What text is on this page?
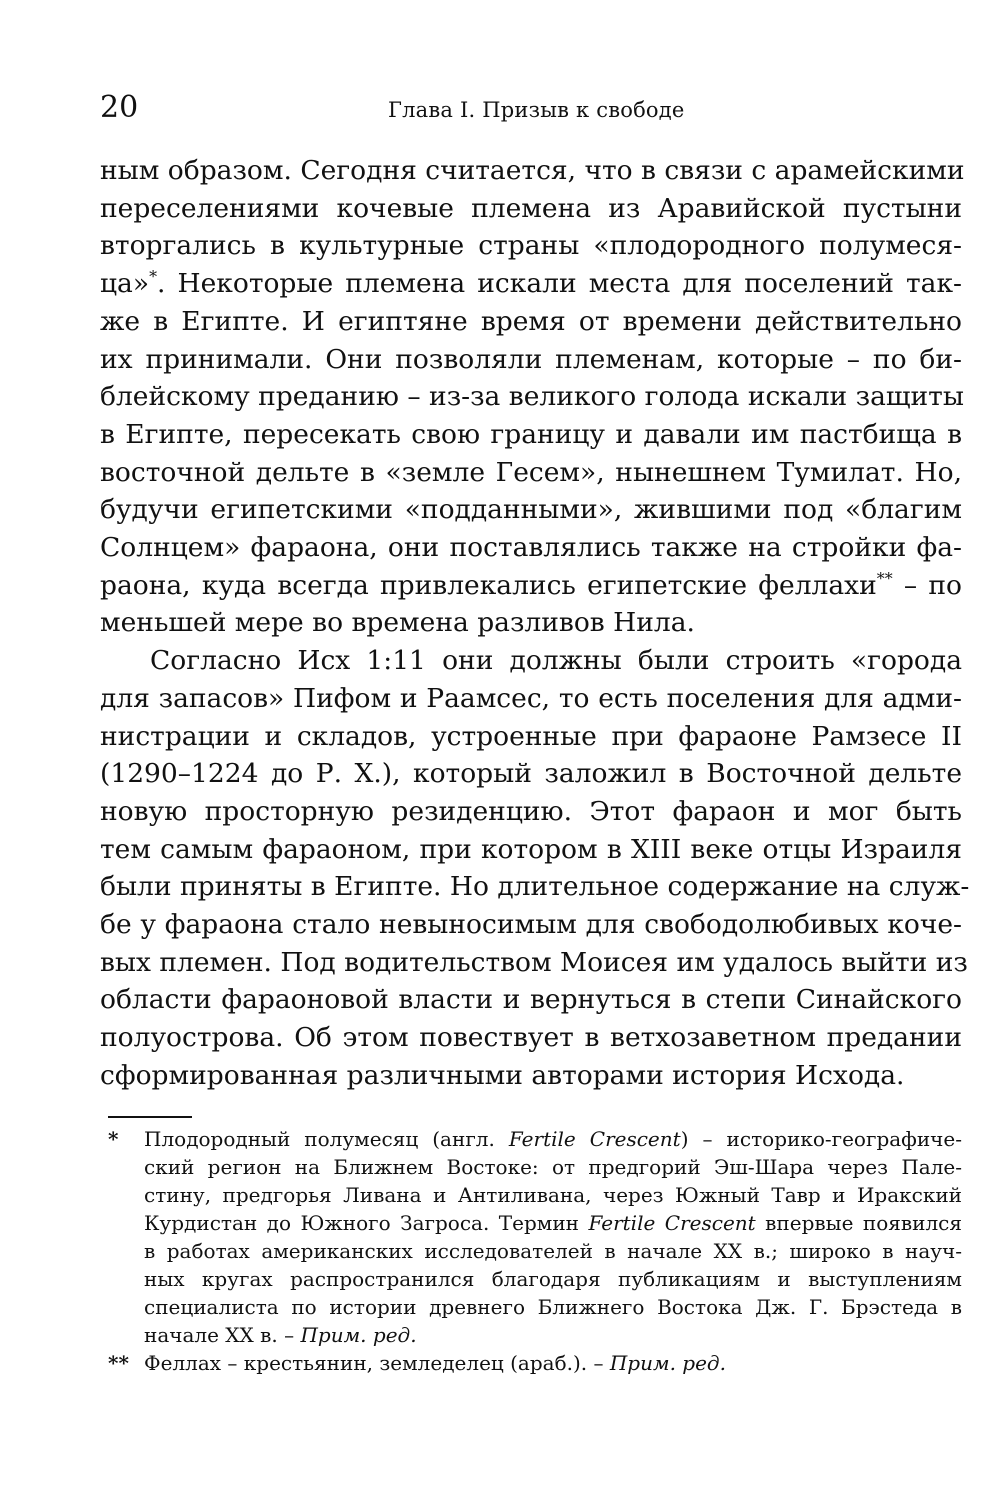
20	Глава I. Призыв к свободе

ным образом. Сегодня считается, что в связи с арамейскими
переселениями кочевые племена из Аравийской пустыни
вторгались в культурные страны «плодородного полумеся-
ца»*. Некоторые племена искали места для поселений так-
же в Египте. И египтяне время от времени действительно
их принимали. Они позволяли племенам, которые – по би-
блейскому преданию – из-за великого голода искали защиты
в Египте, пересекать свою границу и давали им пастбища в
восточной дельте в «земле Гесем», нынешнем Тумилат. Но,
будучи египетскими «подданными», жившими под «благим
Солнцем» фараона, они поставлялись также на стройки фа-
раона, куда всегда привлекались египетские феллахи** – по
меньшей мере во времена разливов Нила.

Согласно Исх 1:11 они должны были строить «города
для запасов» Пифом и Раамсес, то есть поселения для адми-
нистрации и складов, устроенные при фараоне Рамзесе II
(1290–1224 до Р. Х.), который заложил в Восточной дельте
новую просторную резиденцию. Этот фараон и мог быть
тем самым фараоном, при котором в XIII веке отцы Израиля
были приняты в Египте. Но длительное содержание на служ-
бе у фараона стало невыносимым для свободолюбивых коче-
вых племен. Под водительством Моисея им удалось выйти из
области фараоновой власти и вернуться в степи Синайского
полуострова. Об этом повествует в ветхозаветном предании
сформированная различными авторами история Исхода.

* Плодородный полумесяц (англ. Fertile Crescent) – историко-географиче-
ский регион на Ближнем Востоке: от предгорий Эш-Шара через Пале-
стину, предгорья Ливана и Антиливана, через Южный Тавр и Иракский
Курдистан до Южного Загроса. Термин Fertile Crescent впервые появился
в работах американских исследователей в начале XX в.; широко в науч-
ных кругах распространился благодаря публикациям и выступлениям
специалиста по истории древнего Ближнего Востока Дж. Г. Брэстеда в
начале XX в. – Прим. ред.
** Феллах – крестьянин, земледелец (араб.). – Прим. ред.
